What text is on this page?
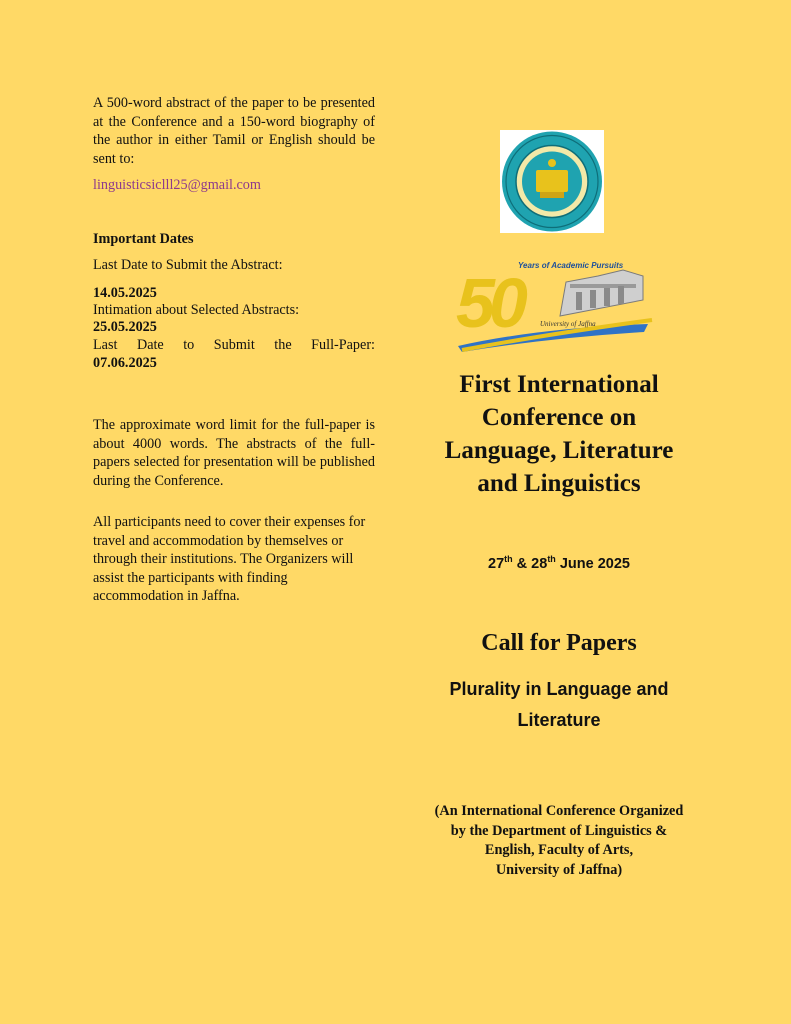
A 500-word abstract of the paper to be presented at the Conference and a 150-word biography of the author in either Tamil or English should be sent to:
linguisticsiclll25@gmail.com
Important Dates
Last Date to Submit the Abstract:
14.05.2025
Intimation about Selected Abstracts:
25.05.2025
Last Date to Submit the Full-Paper:
07.06.2025
The approximate word limit for the full-paper is about 4000 words. The abstracts of the full-papers selected for presentation will be published during the Conference.
All participants need to cover their expenses for travel and accommodation by themselves or through their institutions. The Organizers will assist the participants with finding accommodation in Jaffna.
50
Years of Academic Pursuits
University of Jaffna
First International
Conference on
Language, Literature
and Linguistics
27th & 28th June 2025
Call for Papers
Plurality in Language and
Literature
(An International Conference Organized
by the Department of Linguistics &
English, Faculty of Arts,
University of Jaffna)
